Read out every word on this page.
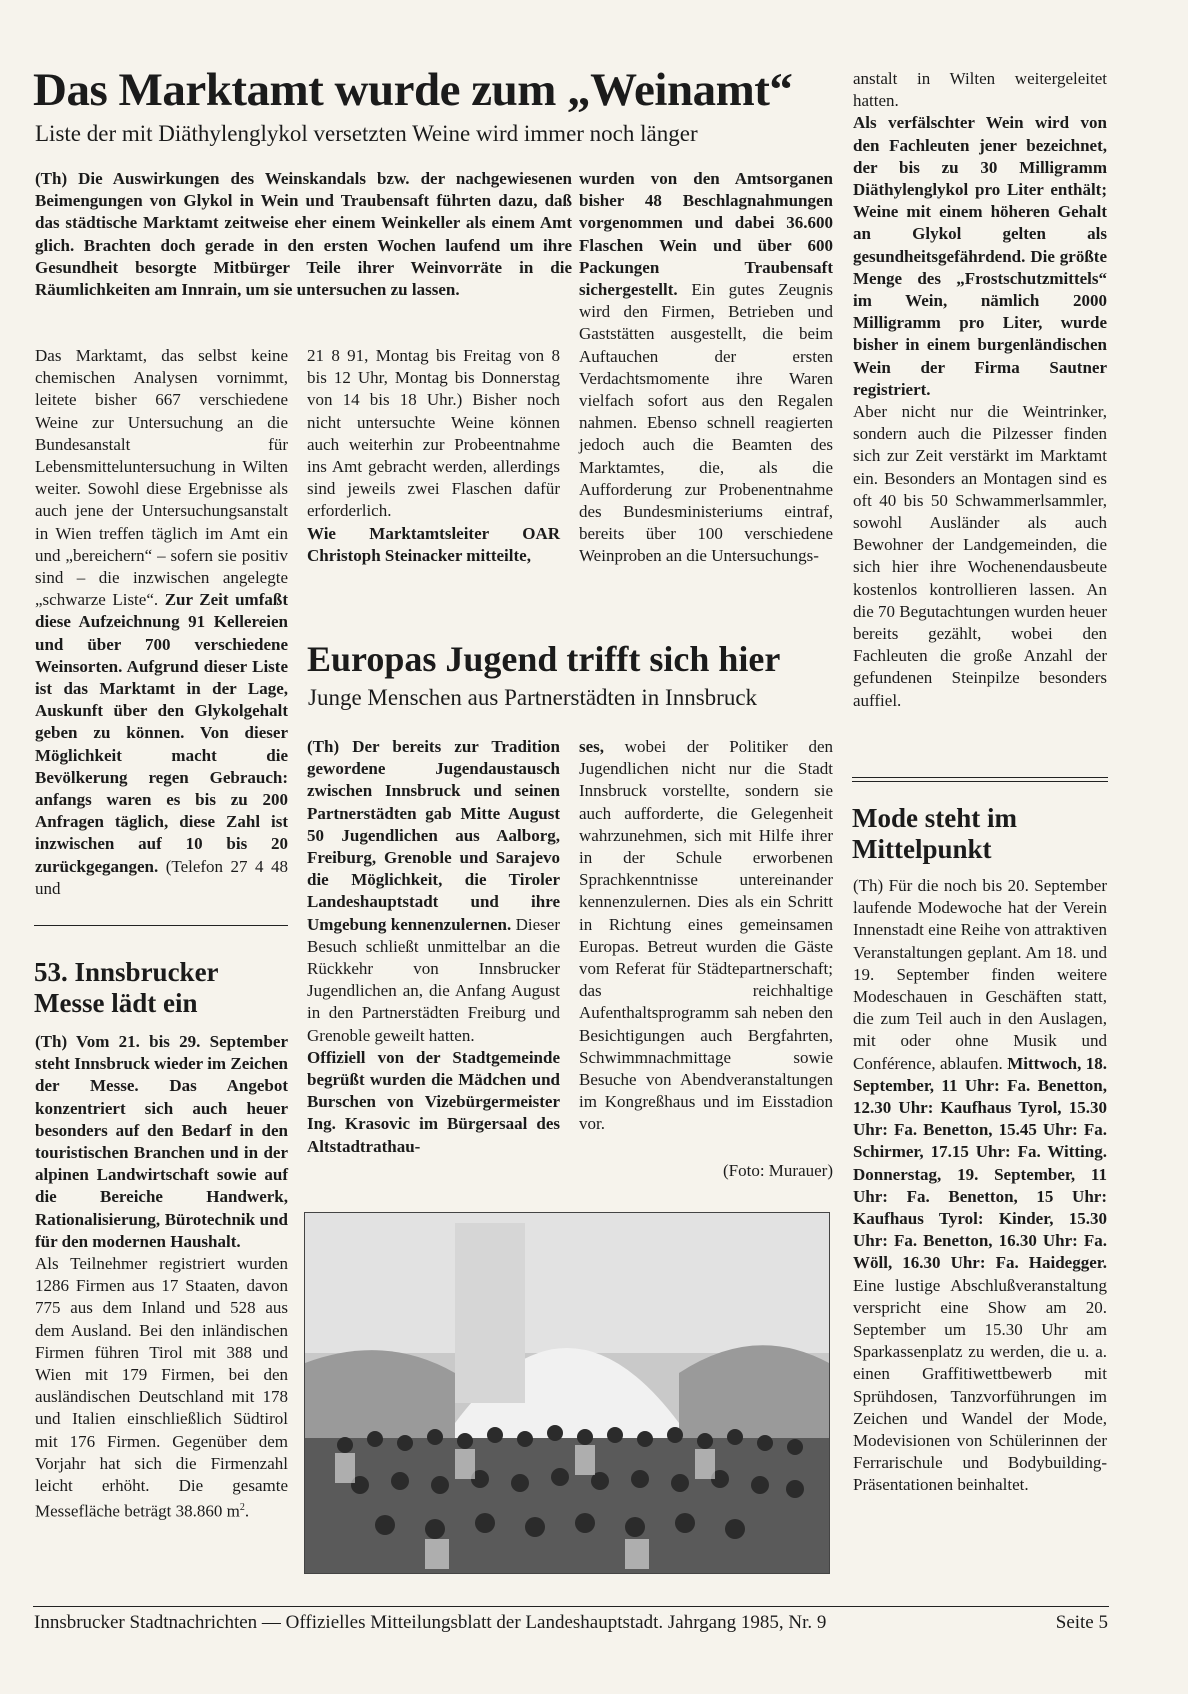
Das Marktamt wurde zum „Weinamt“

Liste der mit Diäthylenglykol versetzten Weine wird immer noch länger

(Th) Die Auswirkungen des Weinskandals bzw. der nachgewiesenen Beimengungen von Glykol in Wein und Traubensaft führten dazu, daß das städtische Marktamt zeitweise eher einem Weinkeller als einem Amt glich. Brachten doch gerade in den ersten Wochen laufend um ihre Gesundheit besorgte Mitbürger Teile ihrer Weinvorräte in die Räumlichkeiten am Innrain, um sie untersuchen zu lassen.

wurden von den Amtsorganen bisher 48 Beschlagnahmungen vorgenommen und dabei 36.600 Flaschen Wein und über 600 Packungen Traubensaft sichergestellt. Ein gutes Zeugnis wird den Firmen, Betrieben und Gaststätten ausgestellt, die beim Auftauchen der ersten Verdachtsmomente ihre Waren vielfach sofort aus den Regalen nahmen. Ebenso schnell reagierten jedoch auch die Beamten des Marktamtes, die, als die Aufforderung zur Probenentnahme des Bundesministeriums eintraf, bereits über 100 verschiedene Weinproben an die Untersuchungs-

Das Marktamt, das selbst keine chemischen Analysen vornimmt, leitete bisher 667 verschiedene Weine zur Untersuchung an die Bundesanstalt für Lebensmitteluntersuchung in Wilten weiter. Sowohl diese Ergebnisse als auch jene der Untersuchungsanstalt in Wien treffen täglich im Amt ein und „bereichern“ – sofern sie positiv sind – die inzwischen angelegte „schwarze Liste“. Zur Zeit umfaßt diese Aufzeichnung 91 Kellereien und über 700 verschiedene Weinsorten. Aufgrund dieser Liste ist das Marktamt in der Lage, Auskunft über den Glykolgehalt geben zu können. Von dieser Möglichkeit macht die Bevölkerung regen Gebrauch: anfangs waren es bis zu 200 Anfragen täglich, diese Zahl ist inzwischen auf 10 bis 20 zurückgegangen. (Telefon 27 4 48 und

21 8 91, Montag bis Freitag von 8 bis 12 Uhr, Montag bis Donnerstag von 14 bis 18 Uhr.) Bisher noch nicht untersuchte Weine können auch weiterhin zur Probeentnahme ins Amt gebracht werden, allerdings sind jeweils zwei Flaschen dafür erforderlich.
Wie Marktamtsleiter OAR Christoph Steinacker mitteilte,

anstalt in Wilten weitergeleitet hatten.
Als verfälschter Wein wird von den Fachleuten jener bezeichnet, der bis zu 30 Milligramm Diäthylenglykol pro Liter enthält; Weine mit einem höheren Gehalt an Glykol gelten als gesundheitsgefährdend. Die größte Menge des „Frostschutzmittels“ im Wein, nämlich 2000 Milligramm pro Liter, wurde bisher in einem burgenländischen Wein der Firma Sautner registriert.
Aber nicht nur die Weintrinker, sondern auch die Pilzesser finden sich zur Zeit verstärkt im Marktamt ein. Besonders an Montagen sind es oft 40 bis 50 Schwammerlsammler, sowohl Ausländer als auch Bewohner der Landgemeinden, die sich hier ihre Wochenendausbeute kostenlos kontrollieren lassen. An die 70 Begutachtungen wurden heuer bereits gezählt, wobei den Fachleuten die große Anzahl der gefundenen Steinpilze besonders auffiel.

Europas Jugend trifft sich hier

Junge Menschen aus Partnerstädten in Innsbruck

(Th) Der bereits zur Tradition gewordene Jugendaustausch zwischen Innsbruck und seinen Partnerstädten gab Mitte August 50 Jugendlichen aus Aalborg, Freiburg, Grenoble und Sarajevo die Möglichkeit, die Tiroler Landeshauptstadt und ihre Umgebung kennenzulernen. Dieser Besuch schließt unmittelbar an die Rückkehr von Innsbrucker Jugendlichen an, die Anfang August in den Partnerstädten Freiburg und Grenoble geweilt hatten.
Offiziell von der Stadtgemeinde begrüßt wurden die Mädchen und Burschen von Vizebürgermeister Ing. Krasovic im Bürgersaal des Altstadtrathau-

ses, wobei der Politiker den Jugendlichen nicht nur die Stadt Innsbruck vorstellte, sondern sie auch aufforderte, die Gelegenheit wahrzunehmen, sich mit Hilfe ihrer in der Schule erworbenen Sprachkenntnisse untereinander kennenzulernen. Dies als ein Schritt in Richtung eines gemeinsamen Europas. Betreut wurden die Gäste vom Referat für Städtepartnerschaft; das reichhaltige Aufenthaltsprogramm sah neben den Besichtigungen auch Bergfahrten, Schwimmnachmittage sowie Besuche von Abendveranstaltungen im Kongreßhaus und im Eisstadion vor.

(Foto: Murauer)

53. Innsbrucker Messe lädt ein

(Th) Vom 21. bis 29. September steht Innsbruck wieder im Zeichen der Messe. Das Angebot konzentriert sich auch heuer besonders auf den Bedarf in den touristischen Branchen und in der alpinen Landwirtschaft sowie auf die Bereiche Handwerk, Rationalisierung, Bürotechnik und für den modernen Haushalt.
Als Teilnehmer registriert wurden 1286 Firmen aus 17 Staaten, davon 775 aus dem Inland und 528 aus dem Ausland. Bei den inländischen Firmen führen Tirol mit 388 und Wien mit 179 Firmen, bei den ausländischen Deutschland mit 178 und Italien einschließlich Südtirol mit 176 Firmen. Gegenüber dem Vorjahr hat sich die Firmenzahl leicht erhöht. Die gesamte Messefläche beträgt 38.860 $m^2$.

Mode steht im Mittelpunkt

(Th) Für die noch bis 20. September laufende Modewoche hat der Verein Innenstadt eine Reihe von attraktiven Veranstaltungen geplant. Am 18. und 19. September finden weitere Modeschauen in Geschäften statt, die zum Teil auch in den Auslagen, mit oder ohne Musik und Conférence, ablaufen. Mittwoch, 18. September, 11 Uhr: Fa. Benetton, 12.30 Uhr: Kaufhaus Tyrol, 15.30 Uhr: Fa. Benetton, 15.45 Uhr: Fa. Schirmer, 17.15 Uhr: Fa. Witting. Donnerstag, 19. September, 11 Uhr: Fa. Benetton, 15 Uhr: Kaufhaus Tyrol: Kinder, 15.30 Uhr: Fa. Benetton, 16.30 Uhr: Fa. Wöll, 16.30 Uhr: Fa. Haidegger. Eine lustige Abschlußveranstaltung verspricht eine Show am 20. September um 15.30 Uhr am Sparkassenplatz zu werden, die u. a. einen Graffitiwettbewerb mit Sprühdosen, Tanzvorführungen im Zeichen und Wandel der Mode, Modevisionen von Schülerinnen der Ferrarischule und Bodybuilding-Präsentationen beinhaltet.

Innsbrucker Stadtnachrichten — Offizielles Mitteilungsblatt der Landeshauptstadt. Jahrgang 1985, Nr. 9	Seite 5
